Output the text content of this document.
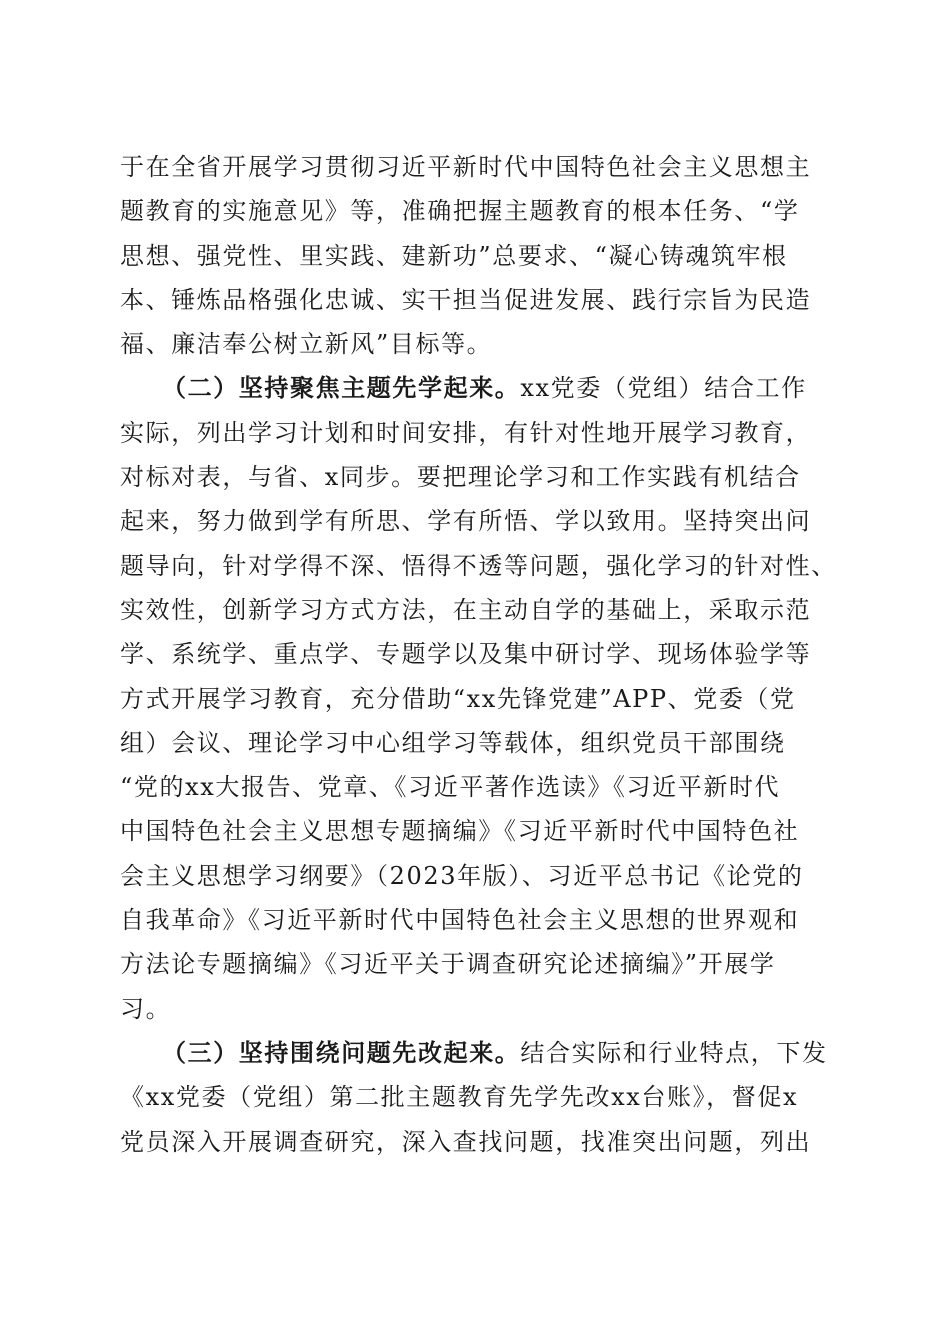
于在全省开展学习贯彻习近平新时代中国特色社会主义思想主
题教育的实施意见》等，准确把握主题教育的根本任务、“学
思想、强党性、里实践、建新功”总要求、“凝心铸魂筑牢根
本、锤炼品格强化忠诚、实干担当促进发展、践行宗旨为民造
福、廉洁奉公树立新风”目标等。
（二）坚持聚焦主题先学起来。xx党委（党组）结合工作
实际，列出学习计划和时间安排，有针对性地开展学习教育，
对标对表，与省、x同步。要把理论学习和工作实践有机结合
起来，努力做到学有所思、学有所悟、学以致用。坚持突出问
题导向，针对学得不深、悟得不透等问题，强化学习的针对性、
实效性，创新学习方式方法，在主动自学的基础上，采取示范
学、系统学、重点学、专题学以及集中研讨学、现场体验学等
方式开展学习教育，充分借助“xx先锋党建”APP、党委（党
组）会议、理论学习中心组学习等载体，组织党员干部围绕
“党的xx大报告、党章、《习近平著作选读》《习近平新时代
中国特色社会主义思想专题摘编》《习近平新时代中国特色社
会主义思想学习纲要》（2023年版）、习近平总书记《论党的
自我革命》《习近平新时代中国特色社会主义思想的世界观和
方法论专题摘编》《习近平关于调查研究论述摘编》”开展学
习。
（三）坚持围绕问题先改起来。结合实际和行业特点，下发
《xx党委（党组）第二批主题教育先学先改xx台账》，督促x
党员深入开展调查研究，深入查找问题，找准突出问题，列出
